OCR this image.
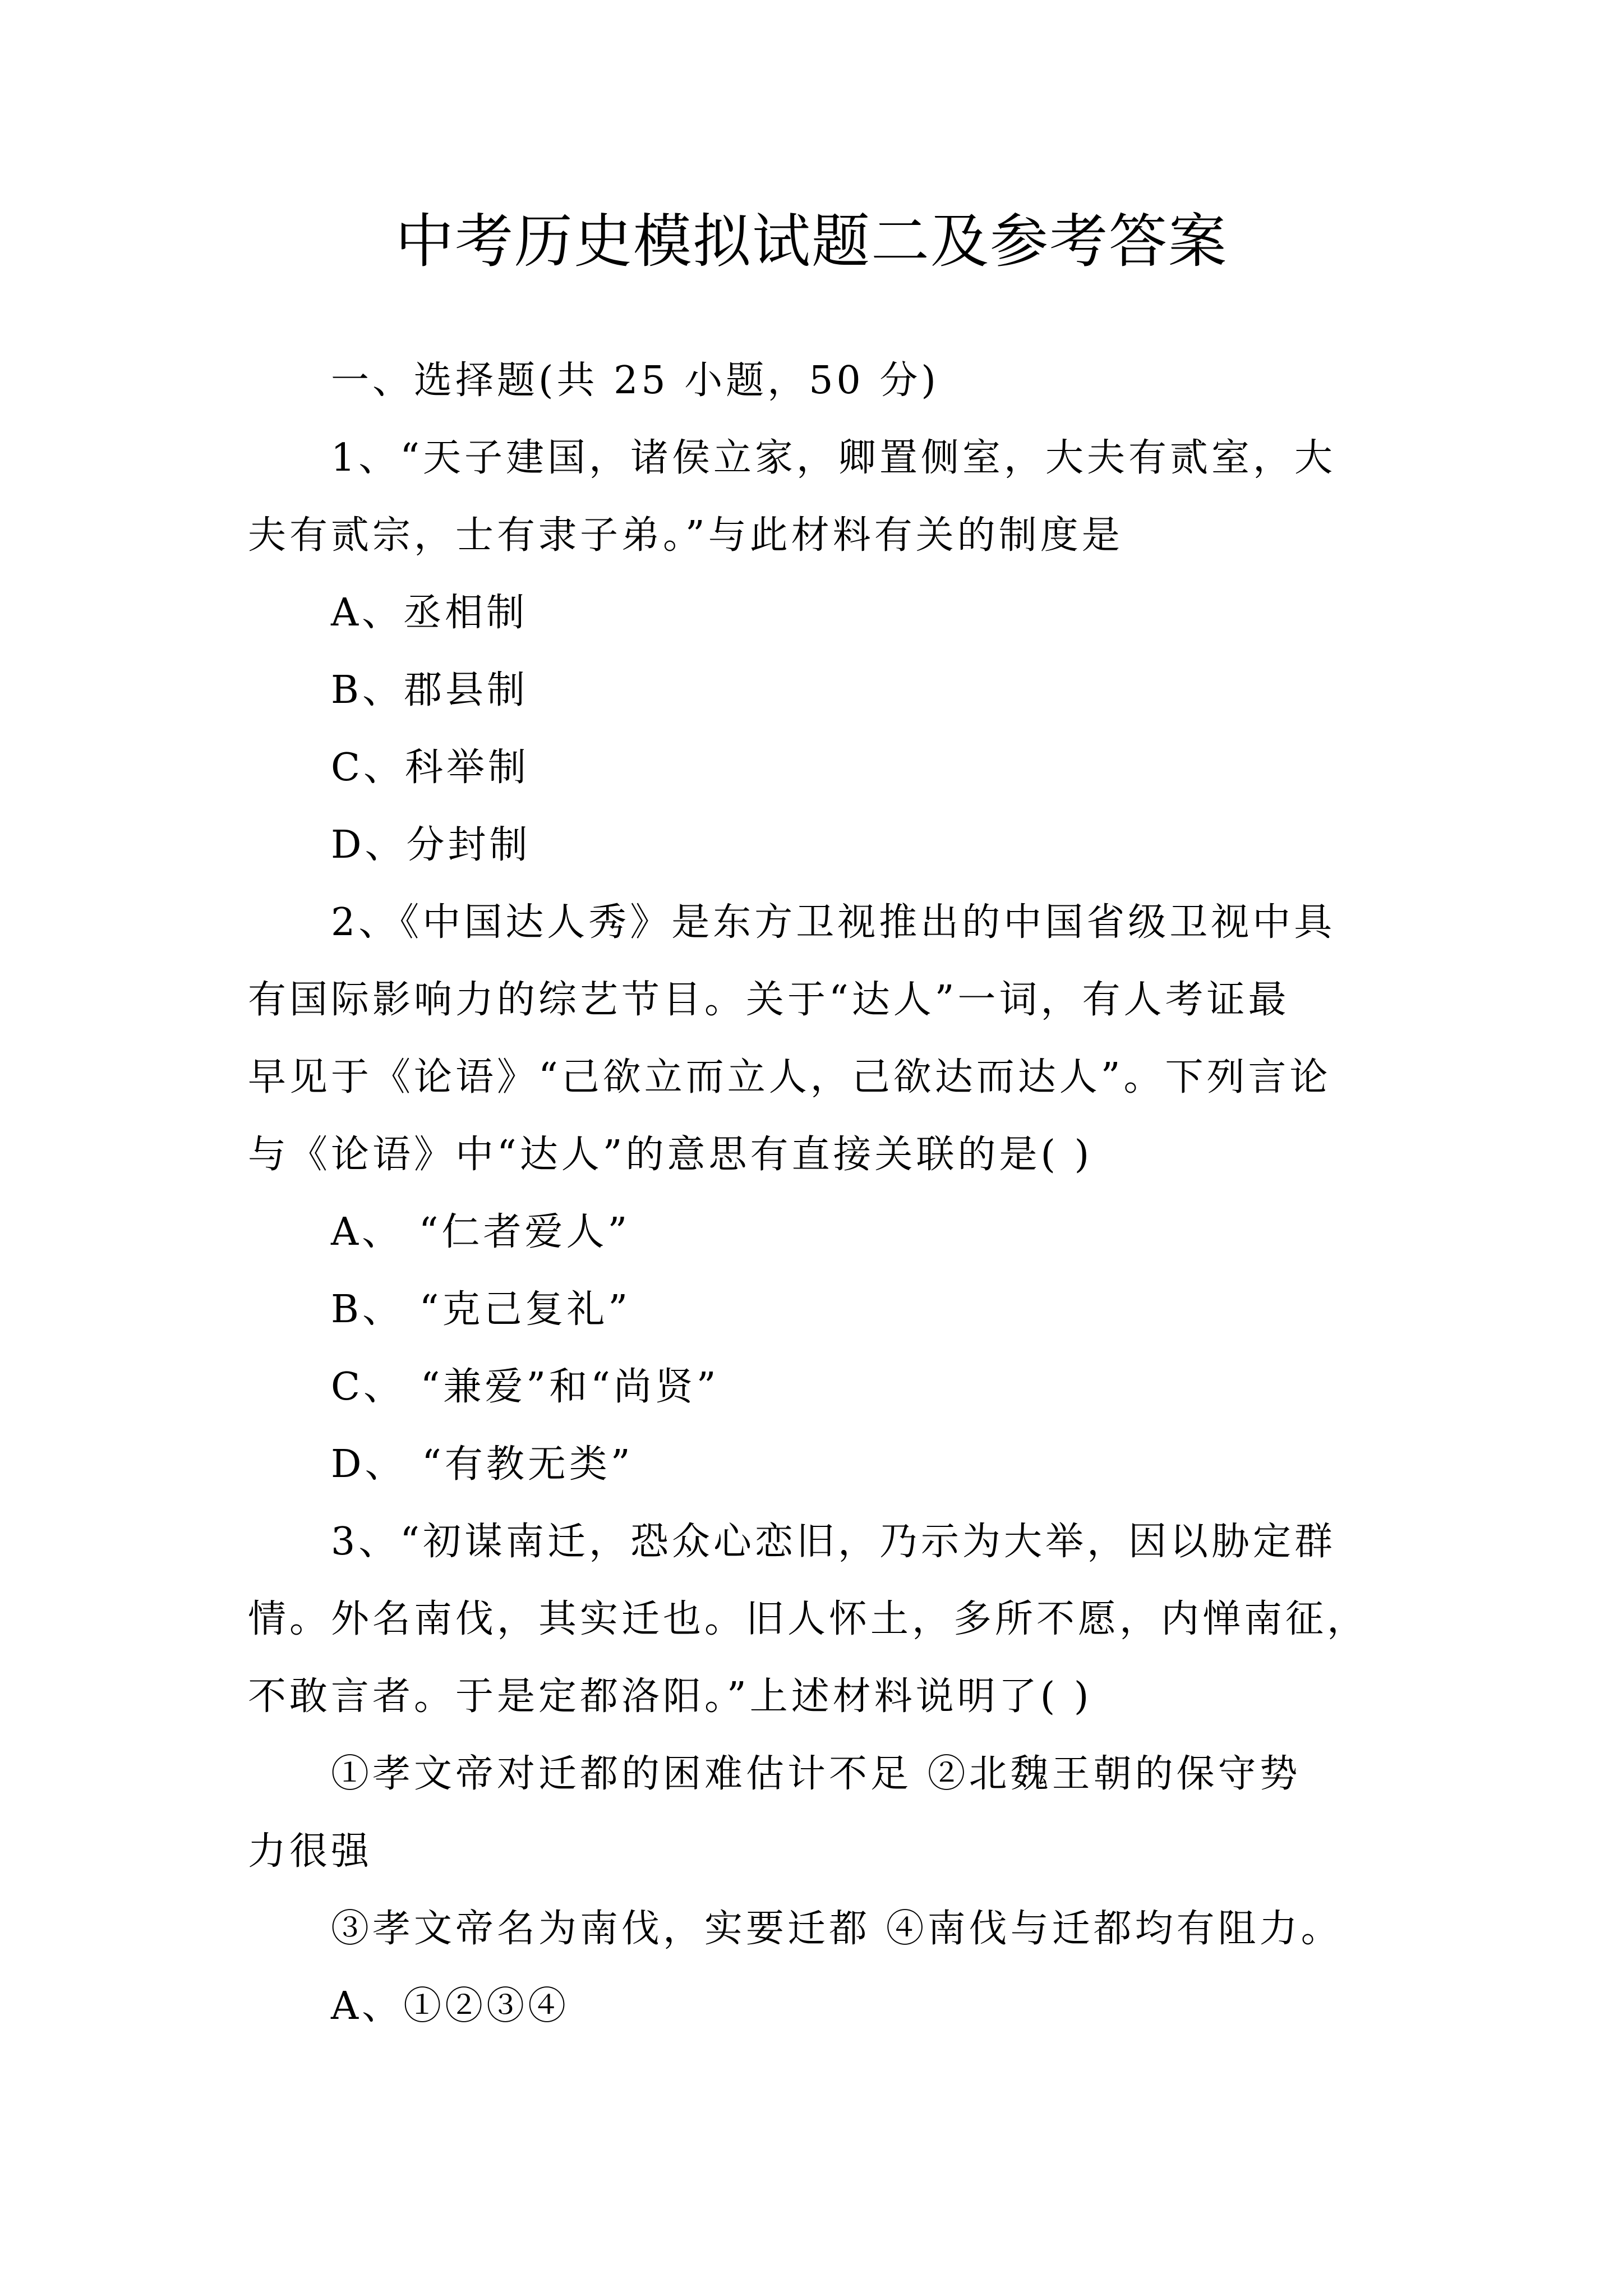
中考历史模拟试题二及参考答案
一、选择题(共 25 小题，50 分)
1、“天子建国，诸侯立家，卿置侧室，大夫有贰室，大
夫有贰宗，士有隶子弟。”与此材料有关的制度是
A、丞相制
B、郡县制
C、科举制
D、分封制
2、《中国达人秀》是东方卫视推出的中国省级卫视中具
有国际影响力的综艺节目。关于“达人”一词，有人考证最
早见于《论语》“己欲立而立人，己欲达而达人”。下列言论
与《论语》中“达人”的意思有直接关联的是( )
A、 “仁者爱人”
B、 “克己复礼”
C、 “兼爱”和“尚贤”
D、 “有教无类”
3、“初谋南迁，恐众心恋旧，乃示为大举，因以胁定群
情。外名南伐，其实迁也。旧人怀土，多所不愿，内惮南征，
不敢言者。于是定都洛阳。”上述材料说明了( )
①孝文帝对迁都的困难估计不足 ②北魏王朝的保守势
力很强
③孝文帝名为南伐，实要迁都 ④南伐与迁都均有阻力。
A、①②③④
